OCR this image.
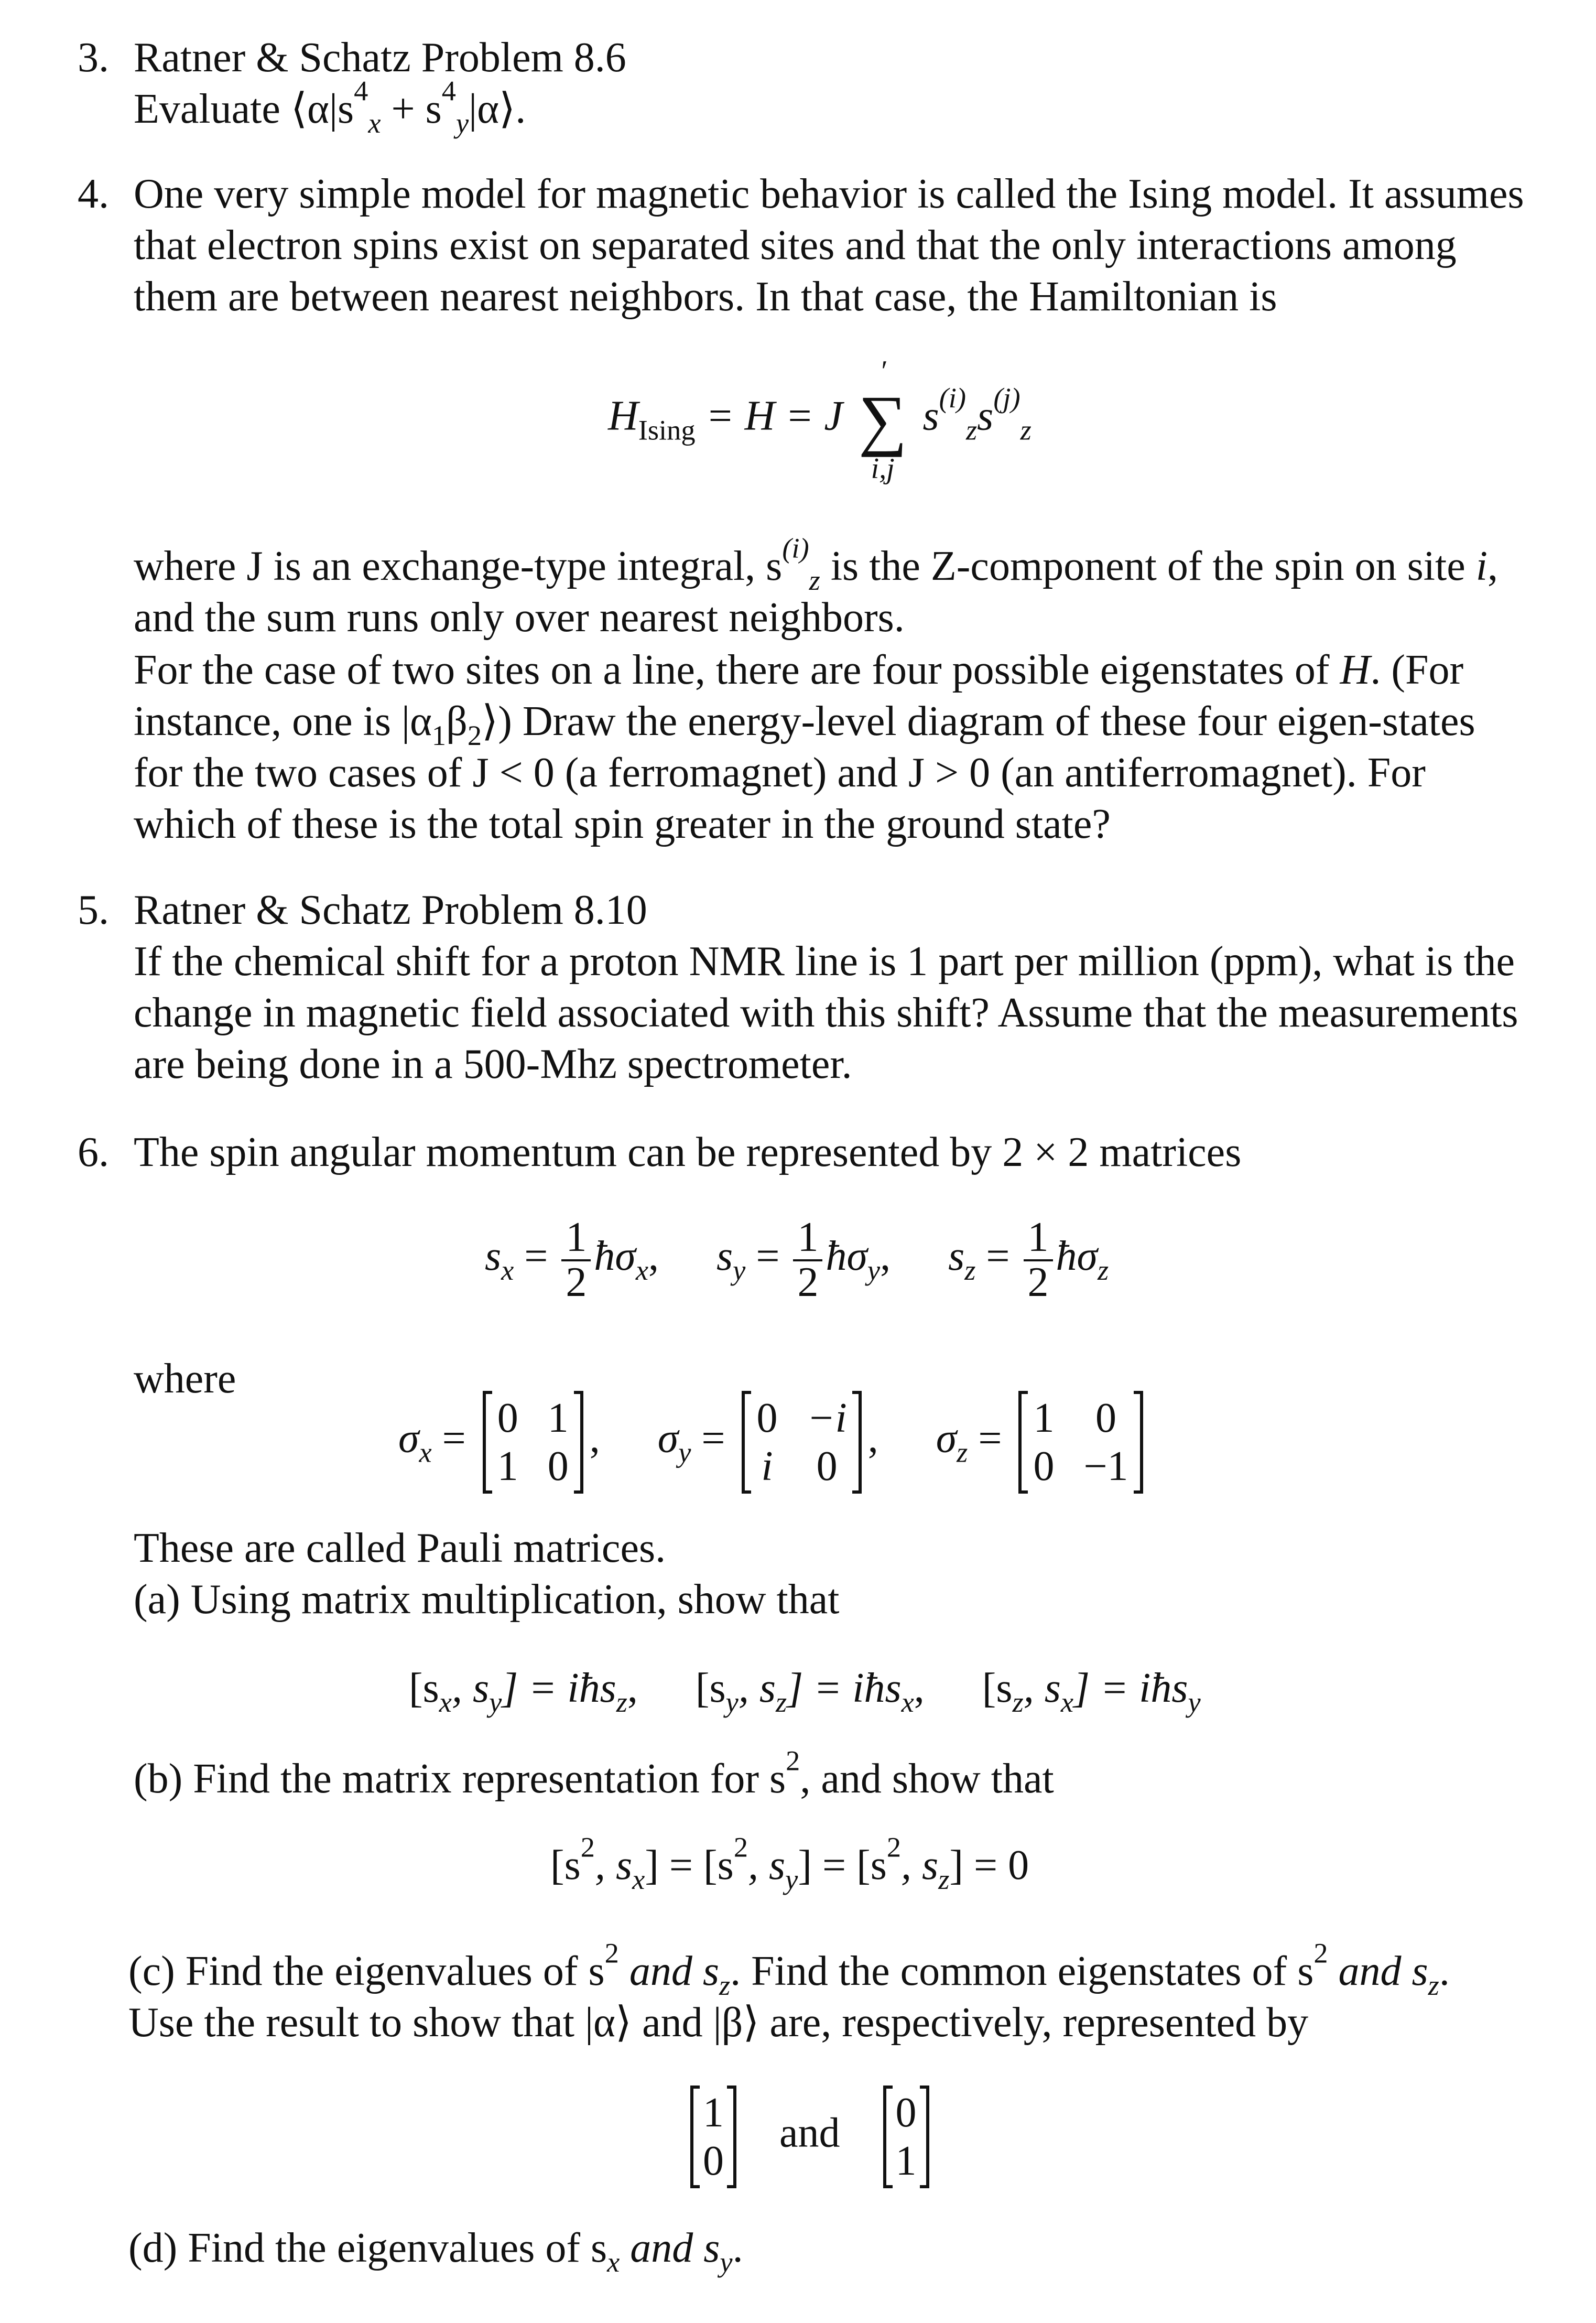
3. Ratner & Schatz Problem 8.6
Evaluate $⟨\alpha|s^4_x$ + $s^4_y|\alpha⟩$.
4. One very simple model for magnetic behavior is called the Ising model. It assumes
that electron spins exist on separated sites and that the only interactions among
them are between nearest neighbors. In that case, the Hamiltonian is
$H_{Ising} = H = J$
′
∑
i,j
$s^{(i)}_zs^{(j)}_z$
where J is an exchange-type integral, $s^{(i)}_z$ is the Z-component of the spin on site i,
and the sum runs only over nearest neighbors.
For the case of two sites on a line, there are four possible eigenstates of H. (For
instance, one is $|\alpha_1\beta_2⟩$) Draw the energy-level diagram of these four eigen-states
for the two cases of J < 0 (a ferromagnet) and J > 0 (an antiferromagnet). For
which of these is the total spin greater in the ground state?
5. Ratner & Schatz Problem 8.10
If the chemical shift for a proton NMR line is 1 part per million (ppm), what is the
change in magnetic field associated with this shift? Assume that the measurements
are being done in a 500-Mhz spectrometer.
6. The spin angular momentum can be represented by 2 × 2 matrices
$s_x = \frac{1}{2}$ $ħ\sigma_x$, $s_y = \frac{1}{2}$ $ħ\sigma_y$, $s_z = \frac{1}{2}$ $ħ\sigma_z$
where
$\sigma_x = 0$ 1
1 0
, $\sigma_y = 0 -i$
i 0
, $\sigma_z = 1$ 0
0 −1
These are called Pauli matrices.
(a) Using matrix multiplication, show that
[$s_x$, $s_y$] = iħs$_z$, [$s_y$, $s_z$] = iħs$_x$, [$s_z$, $s_x$] = iħs$_y$
(b) Find the matrix representation for $s^2$, and show that
[$s^2$, $s_x] = [s^2$, $s_y] = [s^2$, $s_z] = 0$
(c) Find the eigenvalues of $s^2$ and $s_z$. Find the common eigenstates of $s^2$ and $s_z$.
Use the result to show that |α⟩ and |β⟩ are, respectively, represented by
1
0
and 0
1
(d) Find the eigenvalues of $s_x$ and $s_y$.
